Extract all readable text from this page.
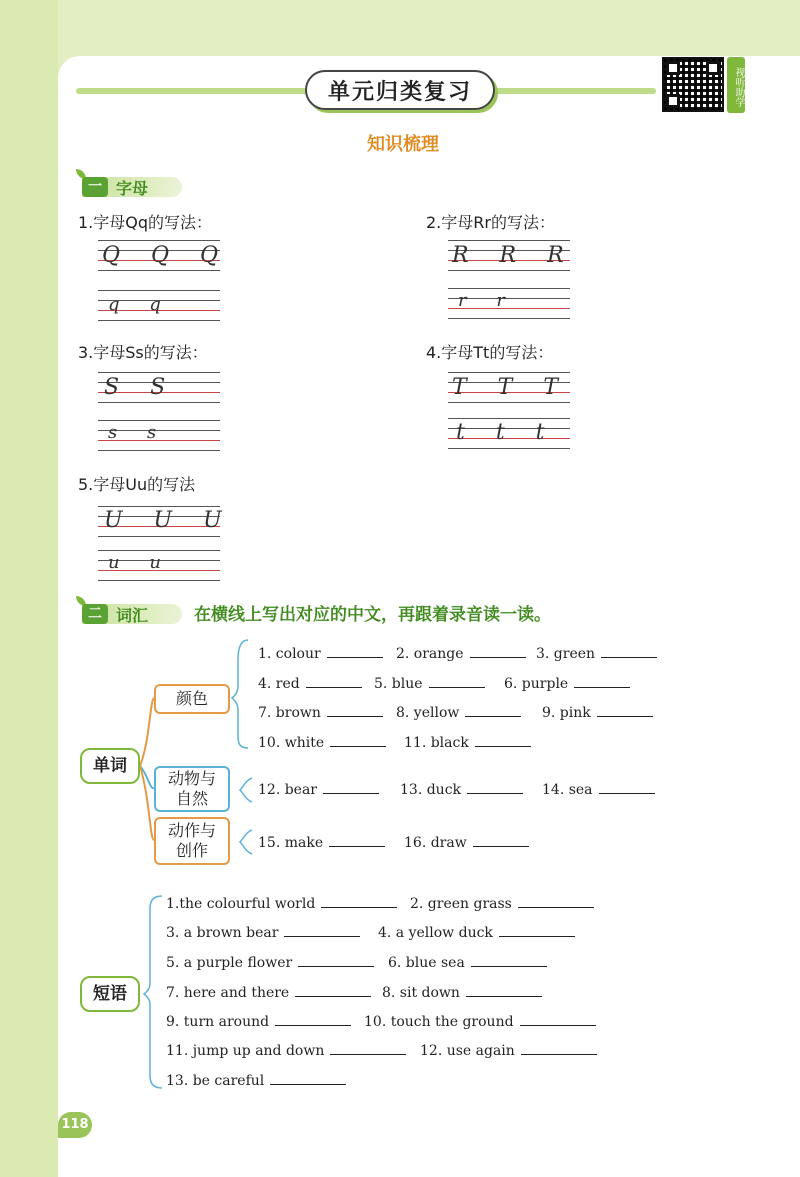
单元归类复习	视听助学
知识梳理
一 字母
1.字母Qq的写法：
Q Q Q
q q
2.字母Rr的写法：
R R R
r r
3.字母Ss的写法：
S S
s s
4.字母Tt的写法：
T T T
t t t
5.字母Uu的写法
U U U
u u
二 词汇	在横线上写出对应的中文，再跟着录音读一读。
单词
颜色
动物与
自然
动作与
创作
短语
1. colour	2. orange	3. green
4. red	5. blue	6. purple
7. brown	8. yellow	9. pink
10. white	11. black
12. bear	13. duck	14. sea
15. make	16. draw
1.the colourful world	2. green grass
3. a brown bear	4. a yellow duck
5. a purple flower	6. blue sea
7. here and there	8. sit down
9. turn around	10. touch the ground
11. jump up and down	12. use again
13. be careful
118
